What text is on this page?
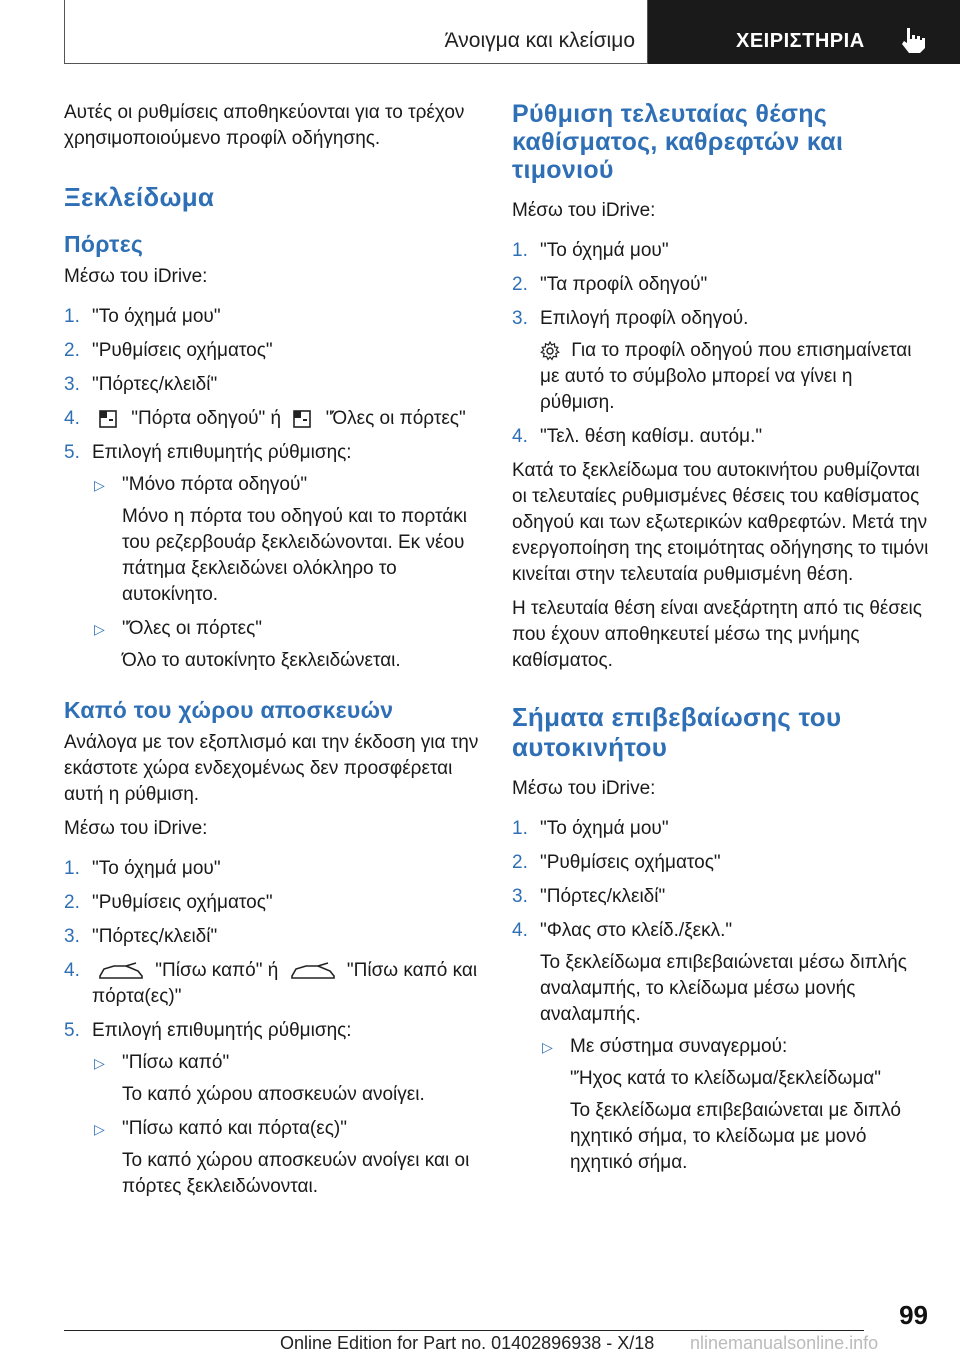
Άνοιγμα και κλείσιμο	ΧΕΙΡΙΣΤΗΡΙΑ

Αυτές οι ρυθμίσεις αποθηκεύονται για το τρέχον χρησιμοποιούμενο προφίλ οδήγησης.

Ξεκλείδωμα
Πόρτες

Μέσω του iDrive:

1. "Το όχημά μου"
2. "Ρυθμίσεις οχήματος"
3. "Πόρτες/κλειδί"
4.	"Πόρτα οδηγού" ή "Όλες οι πόρτες"
5. Επιλογή επιθυμητής ρύθμισης:
▷ "Μόνο πόρτα οδηγού"
Μόνο η πόρτα του οδηγού και το πορτάκι του ρεζερβουάρ ξεκλειδώνονται. Εκ νέου πάτημα ξεκλειδώνει ολόκληρο το αυτοκίνητο.
▷ "Όλες οι πόρτες"
Όλο το αυτοκίνητο ξεκλειδώνεται.
Καπό του χώρου αποσκευών

Ανάλογα με τον εξοπλισμό και την έκδοση για την εκάστοτε χώρα ενδεχομένως δεν προσφέρεται αυτή η ρύθμιση.

Μέσω του iDrive:

1. "Το όχημά μου"
2. "Ρυθμίσεις οχήματος"
3. "Πόρτες/κλειδί"
4.	"Πίσω καπό" ή	"Πίσω καπό και
πόρτα(ες)"
5. Επιλογή επιθυμητής ρύθμισης:
▷ "Πίσω καπό"
Το καπό χώρου αποσκευών ανοίγει.
▷ "Πίσω καπό και πόρτα(ες)"
Το καπό χώρου αποσκευών ανοίγει και οι πόρτες ξεκλειδώνονται.
Ρύθμιση τελευταίας θέσης καθίσματος, καθρεφτών και τιμονιού

Μέσω του iDrive:

1. "Το όχημά μου"
2. "Τα προφίλ οδηγού"
3. Επιλογή προφίλ οδηγού.
Για το προφίλ οδηγού που επισημαίνεται με αυτό το σύμβολο μπορεί να γίνει η ρύθμιση.
4. "Τελ. θέση καθίσμ. αυτόμ."

Κατά το ξεκλείδωμα του αυτοκινήτου ρυθμίζονται οι τελευταίες ρυθμισμένες θέσεις του καθίσματος οδηγού και των εξωτερικών καθρεφτών. Μετά την ενεργοποίηση της ετοιμότητας οδήγησης το τιμόνι κινείται στην τελευταία ρυθμισμένη θέση.

Η τελευταία θέση είναι ανεξάρτητη από τις θέσεις που έχουν αποθηκευτεί μέσω της μνήμης καθίσματος.

Σήματα επιβεβαίωσης του αυτοκινήτου

Μέσω του iDrive:

1. "Το όχημά μου"
2. "Ρυθμίσεις οχήματος"
3. "Πόρτες/κλειδί"
4. "Φλας στο κλείδ./ξεκλ."
Το ξεκλείδωμα επιβεβαιώνεται μέσω διπλής αναλαμπής, το κλείδωμα μέσω μονής αναλαμπής.
▷ Με σύστημα συναγερμού:
"Ήχος κατά το κλείδωμα/ξεκλείδωμα"
Το ξεκλείδωμα επιβεβαιώνεται με διπλό ηχητικό σήμα, το κλείδωμα με μονό ηχητικό σήμα.
99
Online Edition for Part no. 01402896938 - X/18 nlinemanualsonline.info
